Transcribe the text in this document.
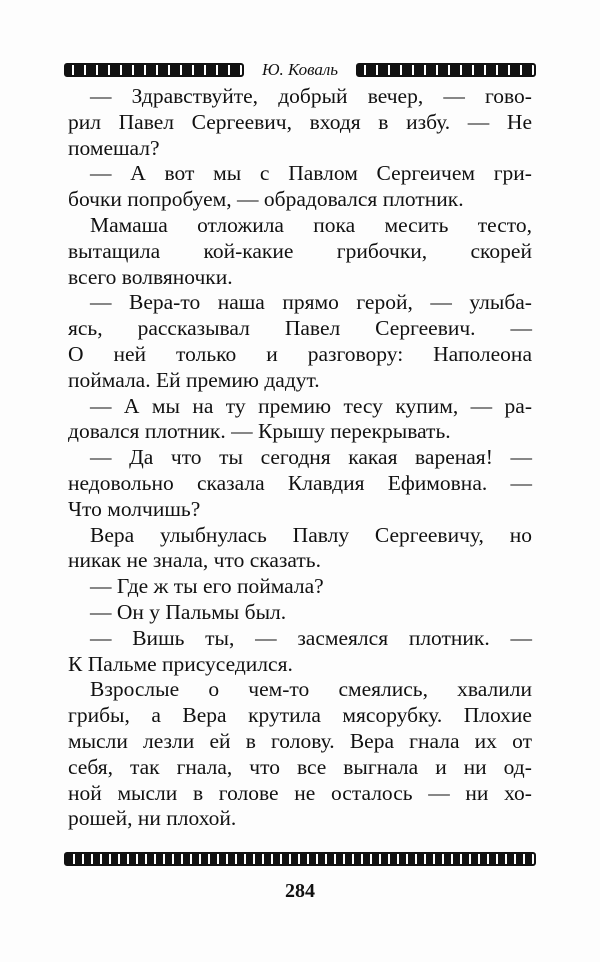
Ю. Коваль
— Здравствуйте, добрый вечер, — гово-
рил Павел Сергеевич, входя в избу. — Не
помешал?
— А вот мы с Павлом Сергеичем гри-
бочки попробуем, — обрадовался плотник.
Мамаша отложила пока месить тесто,
вытащила кой-какие грибочки, скорей
всего волвяночки.
— Вера-то наша прямо герой, — улыба-
ясь, рассказывал Павел Сергеевич. —
О ней только и разговору: Наполеона
поймала. Ей премию дадут.
— А мы на ту премию тесу купим, — ра-
довался плотник. — Крышу перекрывать.
— Да что ты сегодня какая вареная! —
недовольно сказала Клавдия Ефимовна. —
Что молчишь?
Вера улыбнулась Павлу Сергеевичу, но
никак не знала, что сказать.
— Где ж ты его поймала?
— Он у Пальмы был.
— Вишь ты, — засмеялся плотник. —
К Пальме присуседился.
Взрослые о чем-то смеялись, хвалили
грибы, а Вера крутила мясорубку. Плохие
мысли лезли ей в голову. Вера гнала их от
себя, так гнала, что все выгнала и ни од-
ной мысли в голове не осталось — ни хо-
рошей, ни плохой.
284
